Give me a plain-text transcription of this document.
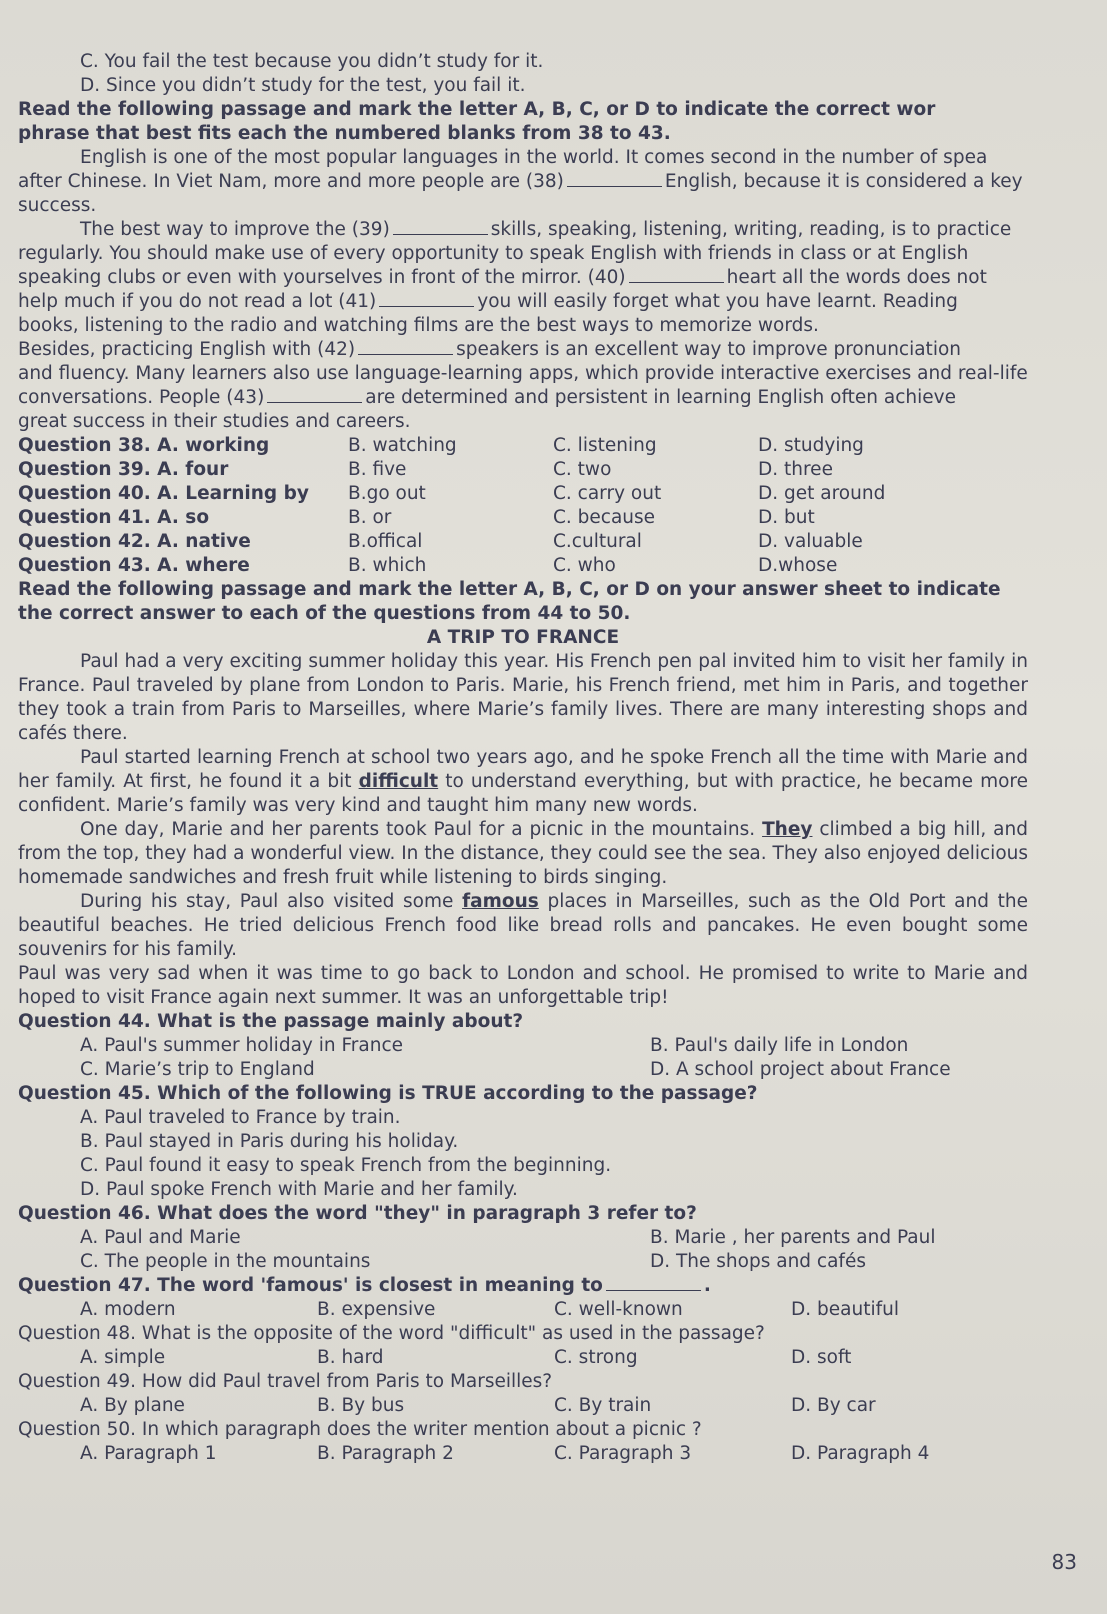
C. You fail the test because you didn’t study for it.
D. Since you didn’t study for the test, you fail it.
Read the following passage and mark the letter A, B, C, or D to indicate the correct wor
phrase that best fits each the numbered blanks from 38 to 43.
English is one of the most popular languages in the world. It comes second in the number of spea
after Chinese. In Viet Nam, more and more people are (38)	English, because it is considered a key
success.
The best way to improve the (39)	skills, speaking, listening, writing, reading, is to practice
regularly. You should make use of every opportunity to speak English with friends in class or at English
speaking clubs or even with yourselves in front of the mirror. (40)	heart all the words does not
help much if you do not read a lot (41)	you will easily forget what you have learnt. Reading
books, listening to the radio and watching films are the best ways to memorize words.
Besides, practicing English with (42)	speakers is an excellent way to improve pronunciation
and fluency. Many learners also use language-learning apps, which provide interactive exercises and real-life
conversations. People (43)	are determined and persistent in learning English often achieve
great success in their studies and careers.
Question 38. A. working	B. watching	C. listening	D. studying
Question 39. A. four	B. five	C. two	D. three
Question 40. A. Learning by	B.go out	C. carry out	D. get around
Question 41. A. so	B. or	C. because	D. but
Question 42. A. native	B.offical	C.cultural	D. valuable
Question 43. A. where	B. which	C. who	D.whose
Read the following passage and mark the letter A, B, C, or D on your answer sheet to indicate
the correct answer to each of the questions from 44 to 50.
A TRIP TO FRANCE
Paul had a very exciting summer holiday this year. His French pen pal invited him to visit her family in France. Paul traveled by plane from London to Paris. Marie, his French friend, met him in Paris, and together they took a train from Paris to Marseilles, where Marie’s family lives. There are many interesting shops and cafés there.
Paul started learning French at school two years ago, and he spoke French all the time with Marie and her family. At first, he found it a bit difficult to understand everything, but with practice, he became more confident. Marie’s family was very kind and taught him many new words.
One day, Marie and her parents took Paul for a picnic in the mountains. They climbed a big hill, and from the top, they had a wonderful view. In the distance, they could see the sea. They also enjoyed delicious homemade sandwiches and fresh fruit while listening to birds singing.
During his stay, Paul also visited some famous places in Marseilles, such as the Old Port and the beautiful beaches. He tried delicious French food like bread rolls and pancakes. He even bought some souvenirs for his family.
Paul was very sad when it was time to go back to London and school. He promised to write to Marie and hoped to visit France again next summer. It was an unforgettable trip!
Question 44. What is the passage mainly about?
A. Paul's summer holiday in France	B. Paul's daily life in London
C. Marie’s trip to England	D. A school project about France
Question 45. Which of the following is TRUE according to the passage?
A. Paul traveled to France by train.
B. Paul stayed in Paris during his holiday.
C. Paul found it easy to speak French from the beginning.
D. Paul spoke French with Marie and her family.
Question 46. What does the word "they" in paragraph 3 refer to?
A. Paul and Marie	B. Marie , her parents and Paul
C. The people in the mountains	D. The shops and cafés
Question 47. The word 'famous' is closest in meaning to	.
A. modern	B. expensive	C. well-known	D. beautiful
Question 48. What is the opposite of the word "difficult" as used in the passage?
A. simple	B. hard	C. strong	D. soft
Question 49. How did Paul travel from Paris to Marseilles?
A. By plane	B. By bus	C. By train	D. By car
Question 50. In which paragraph does the writer mention about a picnic ?
A. Paragraph 1	B. Paragraph 2	C. Paragraph 3	D. Paragraph 4
83
